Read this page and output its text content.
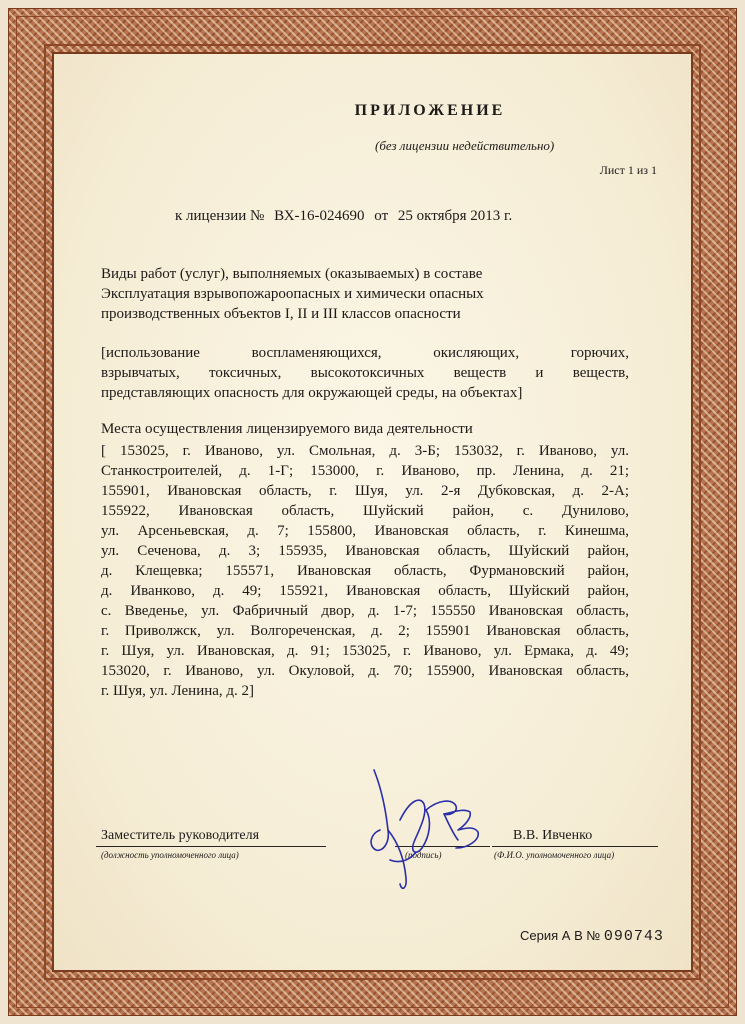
ПРИЛОЖЕНИЕ
(без лицензии недействительно)
Лист 1 из 1
к лицензии № ВХ-16-024690 от 25 октября 2013 г.
Виды работ (услуг), выполняемых (оказываемых) в составе
Эксплуатация взрывопожароопасных и химически опасных
производственных объектов I, II и III классов опасности
[использование воспламеняющихся, окисляющих, горючих,
взрывчатых, токсичных, высокотоксичных веществ и веществ,
представляющих опасность для окружающей среды, на объектах]
Места осуществления лицензируемого вида деятельности
[ 153025, г. Иваново, ул. Смольная, д. 3-Б; 153032, г. Иваново, ул.
Станкостроителей, д. 1-Г; 153000, г. Иваново, пр. Ленина, д. 21;
155901, Ивановская область, г. Шуя, ул. 2-я Дубковская, д. 2-А;
155922, Ивановская область, Шуйский район, с. Дунилово,
ул. Арсеньевская, д. 7; 155800, Ивановская область, г. Кинешма,
ул. Сеченова, д. 3; 155935, Ивановская область, Шуйский район,
д. Клещевка; 155571, Ивановская область, Фурмановский район,
д. Иванково, д. 49; 155921, Ивановская область, Шуйский район,
с. Введенье, ул. Фабричный двор, д. 1-7; 155550 Ивановская область,
г. Приволжск, ул. Волгореченская, д. 2; 155901 Ивановская область,
г. Шуя, ул. Ивановская, д. 91; 153025, г. Иваново, ул. Ермака, д. 49;
153020, г. Иваново, ул. Окуловой, д. 70; 155900, Ивановская область,
г. Шуя, ул. Ленина, д. 2]
Заместитель руководителя	В.В. Ивченко
(должность уполномоченного лица)	(подпись)	(Ф.И.О. уполномоченного лица)
Серия А В № 090743
